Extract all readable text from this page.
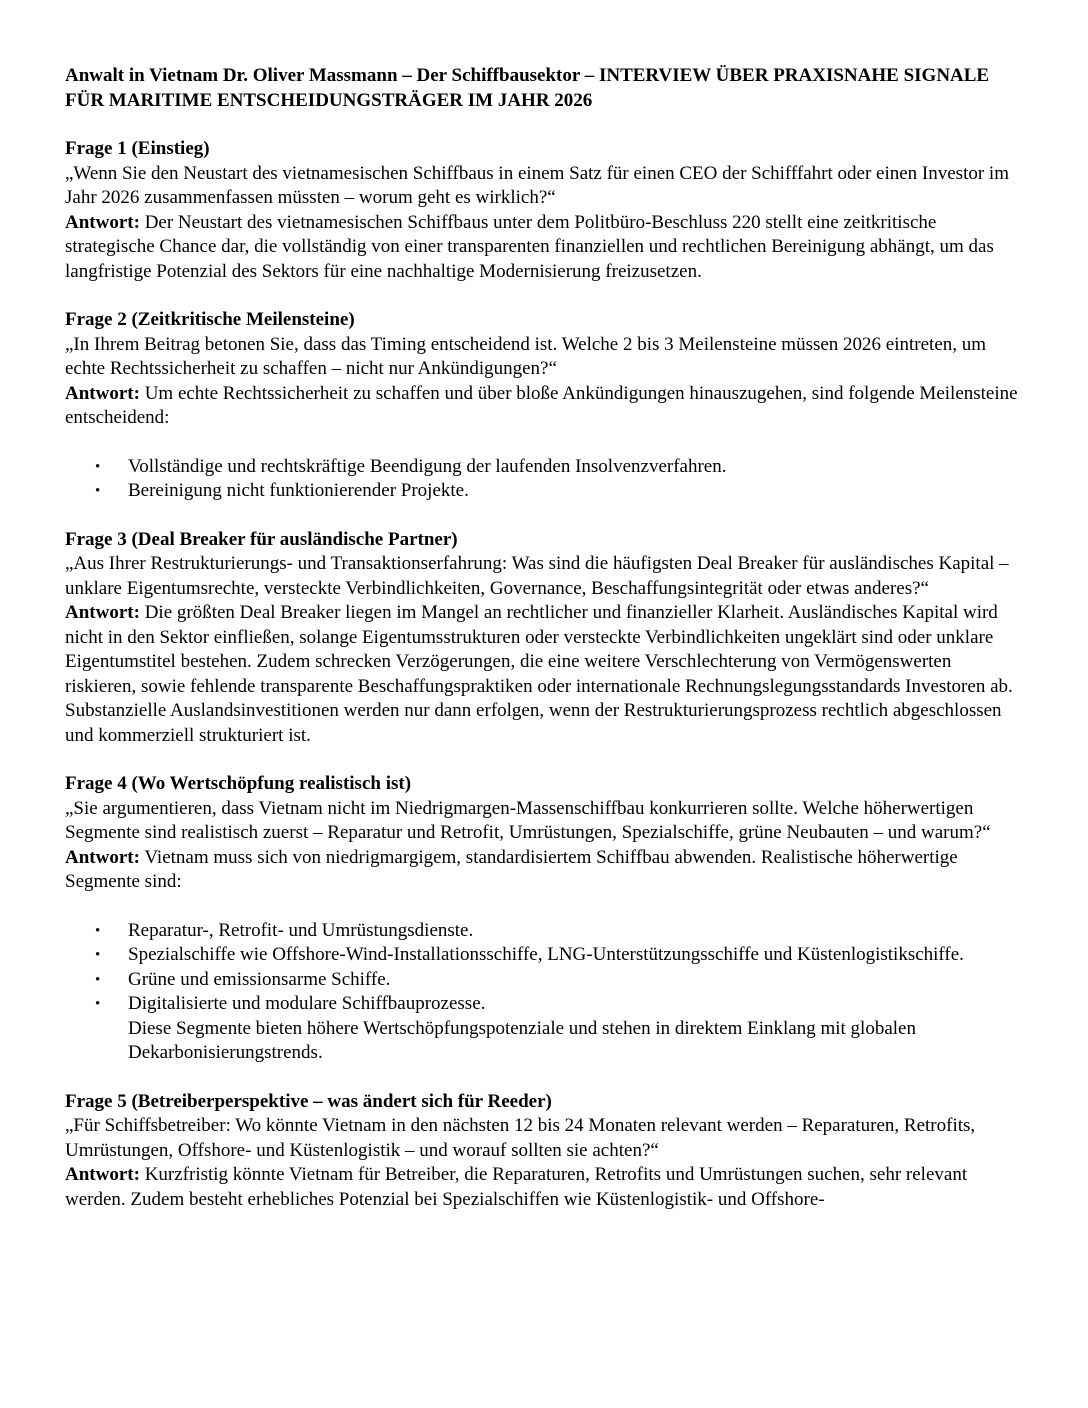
Anwalt in Vietnam Dr. Oliver Massmann – Der Schiffbausektor – INTERVIEW ÜBER PRAXISNAHE SIGNALE FÜR MARITIME ENTSCHEIDUNGSTRÄGER IM JAHR 2026

Frage 1 (Einstieg)

„Wenn Sie den Neustart des vietnamesischen Schiffbaus in einem Satz für einen CEO der Schifffahrt oder einen Investor im Jahr 2026 zusammenfassen müssten – worum geht es wirklich?“

Antwort: Der Neustart des vietnamesischen Schiffbaus unter dem Politbüro-Beschluss 220 stellt eine zeitkritische strategische Chance dar, die vollständig von einer transparenten finanziellen und rechtlichen Bereinigung abhängt, um das langfristige Potenzial des Sektors für eine nachhaltige Modernisierung freizusetzen.

Frage 2 (Zeitkritische Meilensteine)

„In Ihrem Beitrag betonen Sie, dass das Timing entscheidend ist. Welche 2 bis 3 Meilensteine müssen 2026 eintreten, um echte Rechtssicherheit zu schaffen – nicht nur Ankündigungen?“

Antwort: Um echte Rechtssicherheit zu schaffen und über bloße Ankündigungen hinauszugehen, sind folgende Meilensteine entscheidend:

• Vollständige und rechtskräftige Beendigung der laufenden Insolvenzverfahren.
• Bereinigung nicht funktionierender Projekte.

Frage 3 (Deal Breaker für ausländische Partner)

„Aus Ihrer Restrukturierungs- und Transaktionserfahrung: Was sind die häufigsten Deal Breaker für ausländisches Kapital – unklare Eigentumsrechte, versteckte Verbindlichkeiten, Governance, Beschaffungsintegrität oder etwas anderes?“

Antwort: Die größten Deal Breaker liegen im Mangel an rechtlicher und finanzieller Klarheit. Ausländisches Kapital wird nicht in den Sektor einfließen, solange Eigentumsstrukturen oder versteckte Verbindlichkeiten ungeklärt sind oder unklare Eigentumstitel bestehen. Zudem schrecken Verzögerungen, die eine weitere Verschlechterung von Vermögenswerten riskieren, sowie fehlende transparente Beschaffungspraktiken oder internationale Rechnungslegungsstandards Investoren ab. Substanzielle Auslandsinvestitionen werden nur dann erfolgen, wenn der Restrukturierungsprozess rechtlich abgeschlossen und kommerziell strukturiert ist.

Frage 4 (Wo Wertschöpfung realistisch ist)

„Sie argumentieren, dass Vietnam nicht im Niedrigmargen-Massenschiffbau konkurrieren sollte. Welche höherwertigen Segmente sind realistisch zuerst – Reparatur und Retrofit, Umrüstungen, Spezialschiffe, grüne Neubauten – und warum?“

Antwort: Vietnam muss sich von niedrigmargigem, standardisiertem Schiffbau abwenden. Realistische höherwertige Segmente sind:

• Reparatur-, Retrofit- und Umrüstungsdienste.
• Spezialschiffe wie Offshore-Wind-Installationsschiffe, LNG-Unterstützungsschiffe und Küstenlogistikschiffe.
• Grüne und emissionsarme Schiffe.
• Digitalisierte und modulare Schiffbauprozesse.
Diese Segmente bieten höhere Wertschöpfungspotenziale und stehen in direktem Einklang mit globalen Dekarbonisierungstrends.

Frage 5 (Betreiberperspektive – was ändert sich für Reeder)

„Für Schiffsbetreiber: Wo könnte Vietnam in den nächsten 12 bis 24 Monaten relevant werden – Reparaturen, Retrofits, Umrüstungen, Offshore- und Küstenlogistik – und worauf sollten sie achten?“

Antwort: Kurzfristig könnte Vietnam für Betreiber, die Reparaturen, Retrofits und Umrüstungen suchen, sehr relevant werden. Zudem besteht erhebliches Potenzial bei Spezialschiffen wie Küstenlogistik- und Offshore-
